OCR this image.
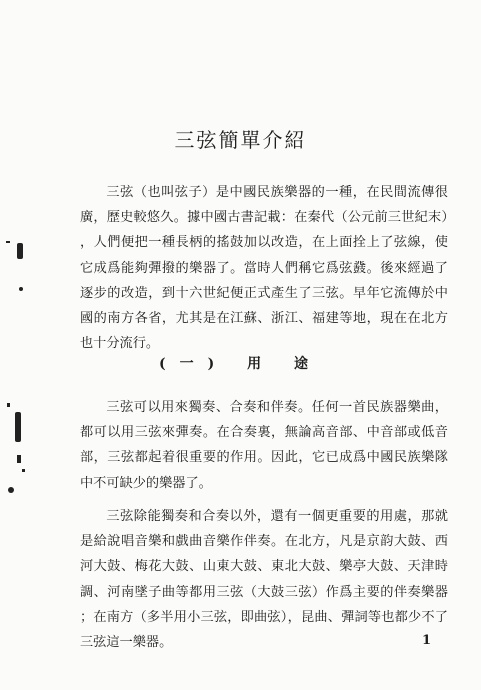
三弦簡單介紹

三弦（也叫弦子）是中國民族樂器的一種，在民間流傳很廣，歷史較悠久。據中國古書記載：在秦代（公元前三世紀末），人們便把一種長柄的搖鼓加以改造，在上面拴上了弦線，使它成爲能夠彈撥的樂器了。當時人們稱它爲弦鼗。後來經過了逐步的改造，到十六世紀便正式產生了三弦。早年它流傳於中國的南方各省，尤其是在江蘇、浙江、福建等地，現在在北方也十分流行。

(一) 用 途

三弦可以用來獨奏、合奏和伴奏。任何一首民族器樂曲，都可以用三弦來彈奏。在合奏裏，無論高音部、中音部或低音部，三弦都起着很重要的作用。因此，它已成爲中國民族樂隊中不可缺少的樂器了。

三弦除能獨奏和合奏以外，還有一個更重要的用處，那就是給說唱音樂和戲曲音樂作伴奏。在北方，凡是京韵大鼓、西河大鼓、梅花大鼓、山東大鼓、東北大鼓、樂亭大鼓、天津時調、河南墜子曲等都用三弦（大鼓三弦）作爲主要的伴奏樂器；在南方（多半用小三弦，即曲弦），昆曲、彈詞等也都少不了三弦這一樂器。	1
